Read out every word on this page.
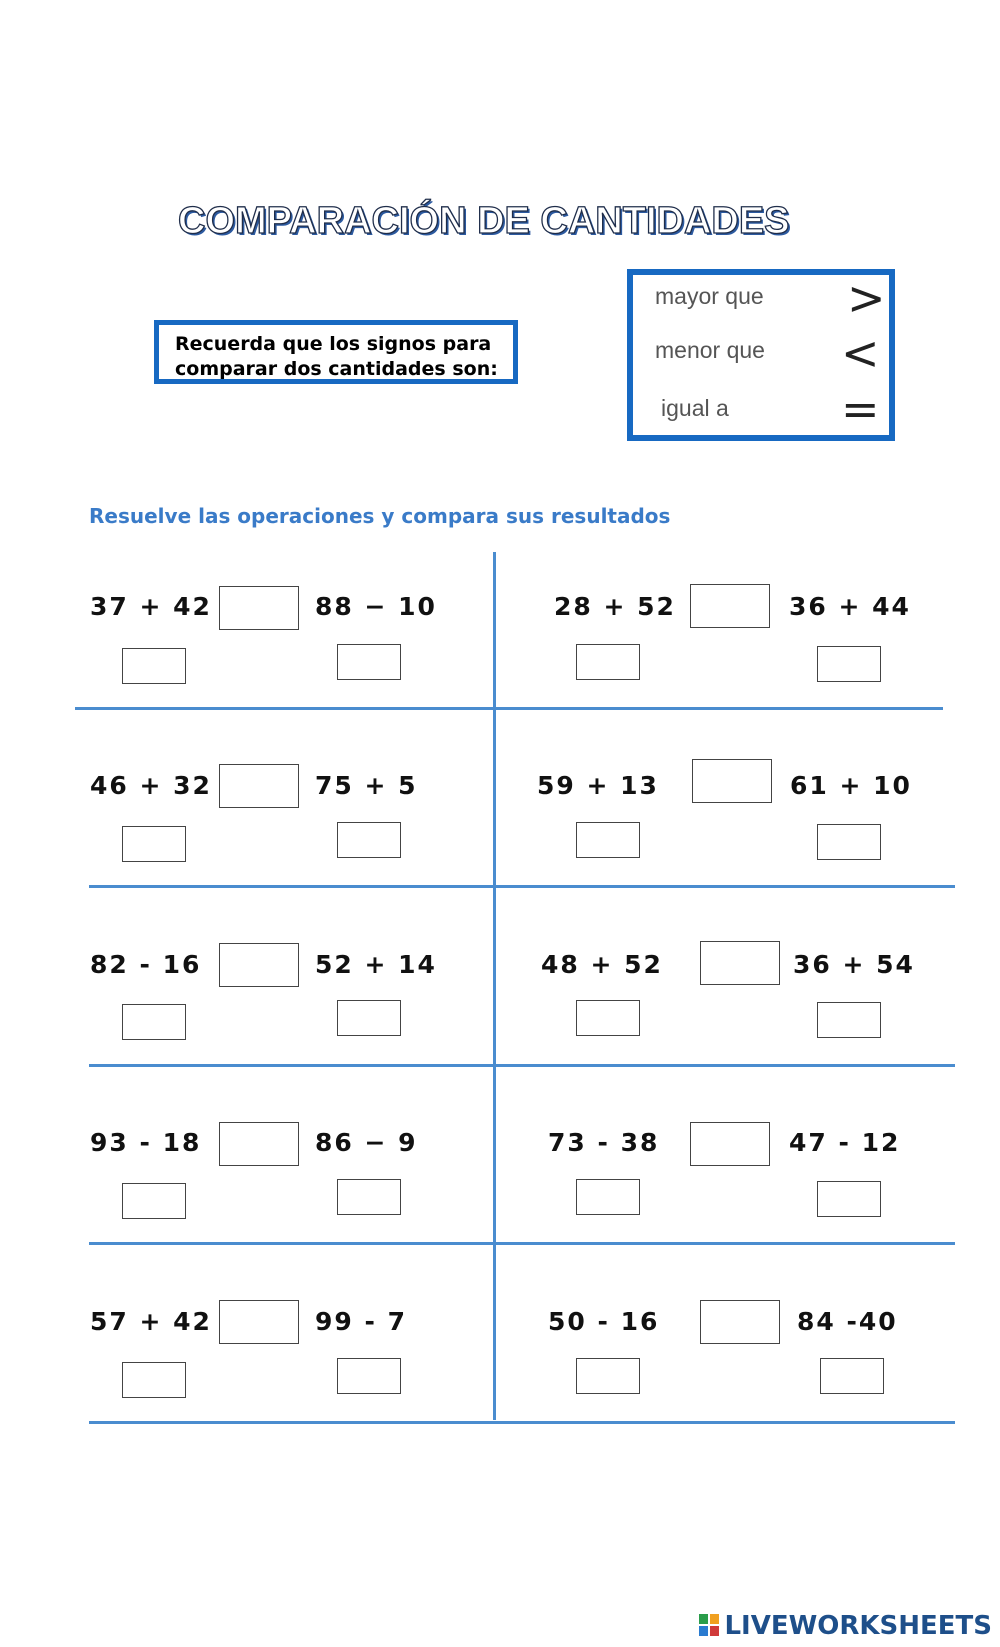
COMPARACIÓN DE CANTIDADES
Recuerda que los signos para
comparar dos cantidades son:
mayor que >
menor que <
igual a =
Resuelve las operaciones y compara sus resultados
37 + 42	88 − 10	28 + 52	36 + 44
46 + 32	75 + 5	59 + 13	61 + 10
82 - 16	52 + 14	48 + 52	36 + 54
93 - 18	86 − 9	73 - 38	47 - 12
57 + 42	99 - 7	50 - 16	84 -40
LIVEWORKSHEETS
